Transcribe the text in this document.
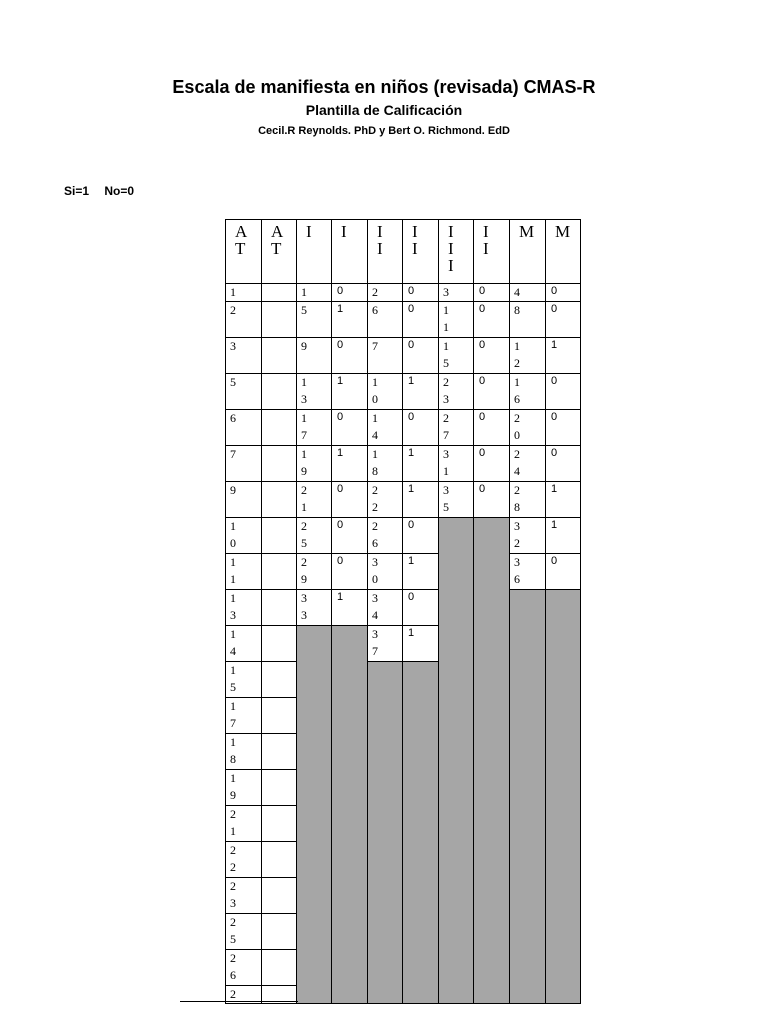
Escala de manifiesta en niños (revisada) CMAS-R
Plantilla de Calificación
Cecil.R Reynolds. PhD y Bert O. Richmond. EdD
Si=1 No=0
AT
AT
I	I	II
II
III
II
M M
1
2
3
5
6
7
9
10
11
13
14
15
17
18
19
21
22
23
25
26
2
1
5
9
13
17
19
21
25
29
33
0
1
0
1
0
1
0
0
0
1
2
6
7
10
14
18
22
26
30
34
37
0
0
0
1
0
1
1
0
1
0
1
3
11
15
23
27
31
35
0
0
0
0
0
0
0
4
8
12
16
20
24
28
32
36
0
0
1
0
0
0
1
1
0
